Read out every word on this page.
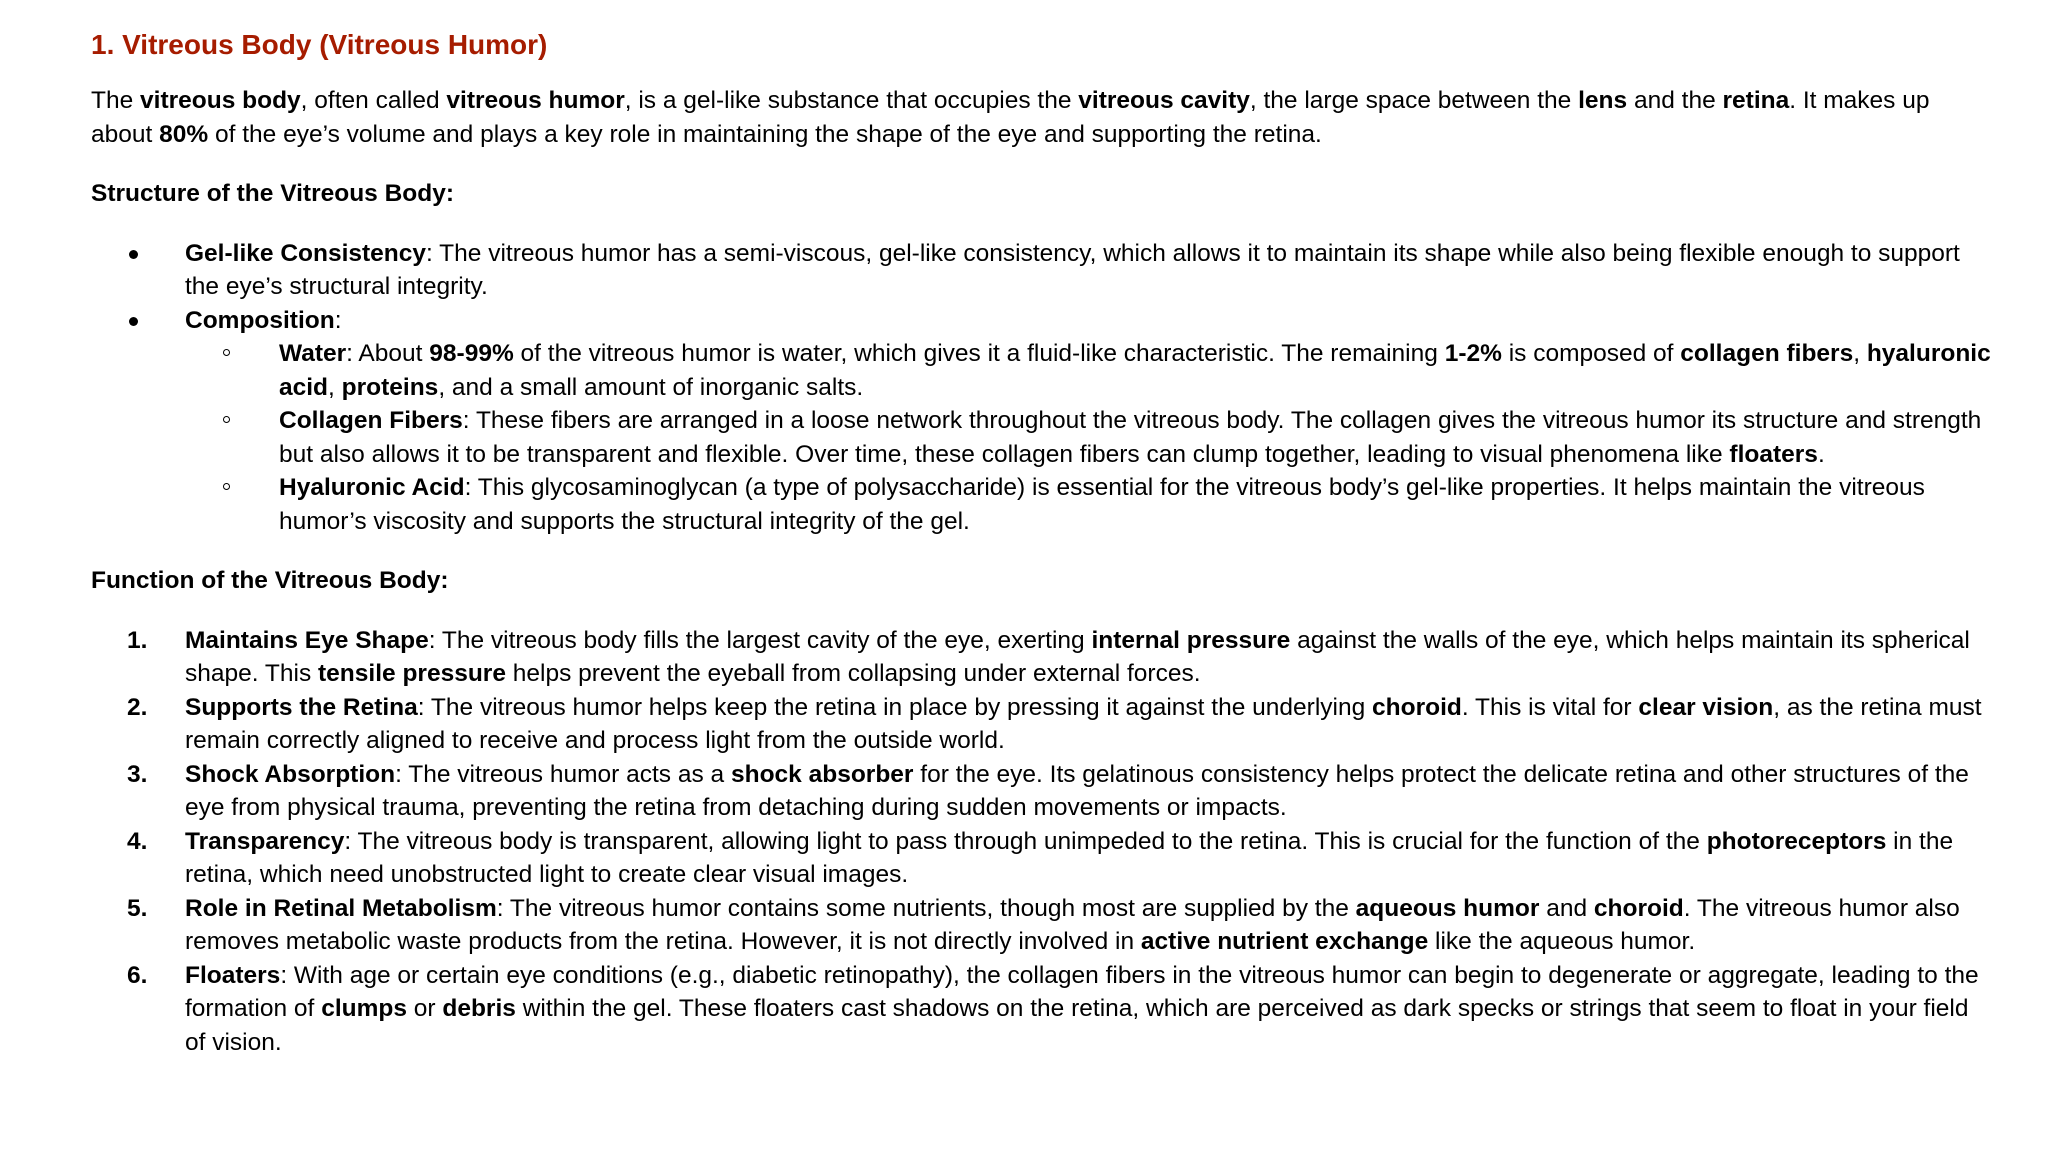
1. Vitreous Body (Vitreous Humor)

The vitreous body, often called vitreous humor, is a gel-like substance that occupies the vitreous cavity, the large space between the lens and the retina. It makes up about 80% of the eye’s volume and plays a key role in maintaining the shape of the eye and supporting the retina.

Structure of the Vitreous Body:
Gel-like Consistency: The vitreous humor has a semi-viscous, gel-like consistency, which allows it to maintain its shape while also being flexible enough to support the eye’s structural integrity.
Composition:
Water: About 98-99% of the vitreous humor is water, which gives it a fluid-like characteristic. The remaining 1-2% is composed of collagen fibers, hyaluronic acid, proteins, and a small amount of inorganic salts.
Collagen Fibers: These fibers are arranged in a loose network throughout the vitreous body. The collagen gives the vitreous humor its structure and strength but also allows it to be transparent and flexible. Over time, these collagen fibers can clump together, leading to visual phenomena like floaters.
Hyaluronic Acid: This glycosaminoglycan (a type of polysaccharide) is essential for the vitreous body’s gel-like properties. It helps maintain the vitreous humor’s viscosity and supports the structural integrity of the gel.
Function of the Vitreous Body:
1. Maintains Eye Shape: The vitreous body fills the largest cavity of the eye, exerting internal pressure against the walls of the eye, which helps maintain its spherical shape. This tensile pressure helps prevent the eyeball from collapsing under external forces.
2. Supports the Retina: The vitreous humor helps keep the retina in place by pressing it against the underlying choroid. This is vital for clear vision, as the retina must remain correctly aligned to receive and process light from the outside world.
3. Shock Absorption: The vitreous humor acts as a shock absorber for the eye. Its gelatinous consistency helps protect the delicate retina and other structures of the eye from physical trauma, preventing the retina from detaching during sudden movements or impacts.
4. Transparency: The vitreous body is transparent, allowing light to pass through unimpeded to the retina. This is crucial for the function of the photoreceptors in the retina, which need unobstructed light to create clear visual images.
5. Role in Retinal Metabolism: The vitreous humor contains some nutrients, though most are supplied by the aqueous humor and choroid. The vitreous humor also removes metabolic waste products from the retina. However, it is not directly involved in active nutrient exchange like the aqueous humor.
6. Floaters: With age or certain eye conditions (e.g., diabetic retinopathy), the collagen fibers in the vitreous humor can begin to degenerate or aggregate, leading to the formation of clumps or debris within the gel. These floaters cast shadows on the retina, which are perceived as dark specks or strings that seem to float in your field of vision.
